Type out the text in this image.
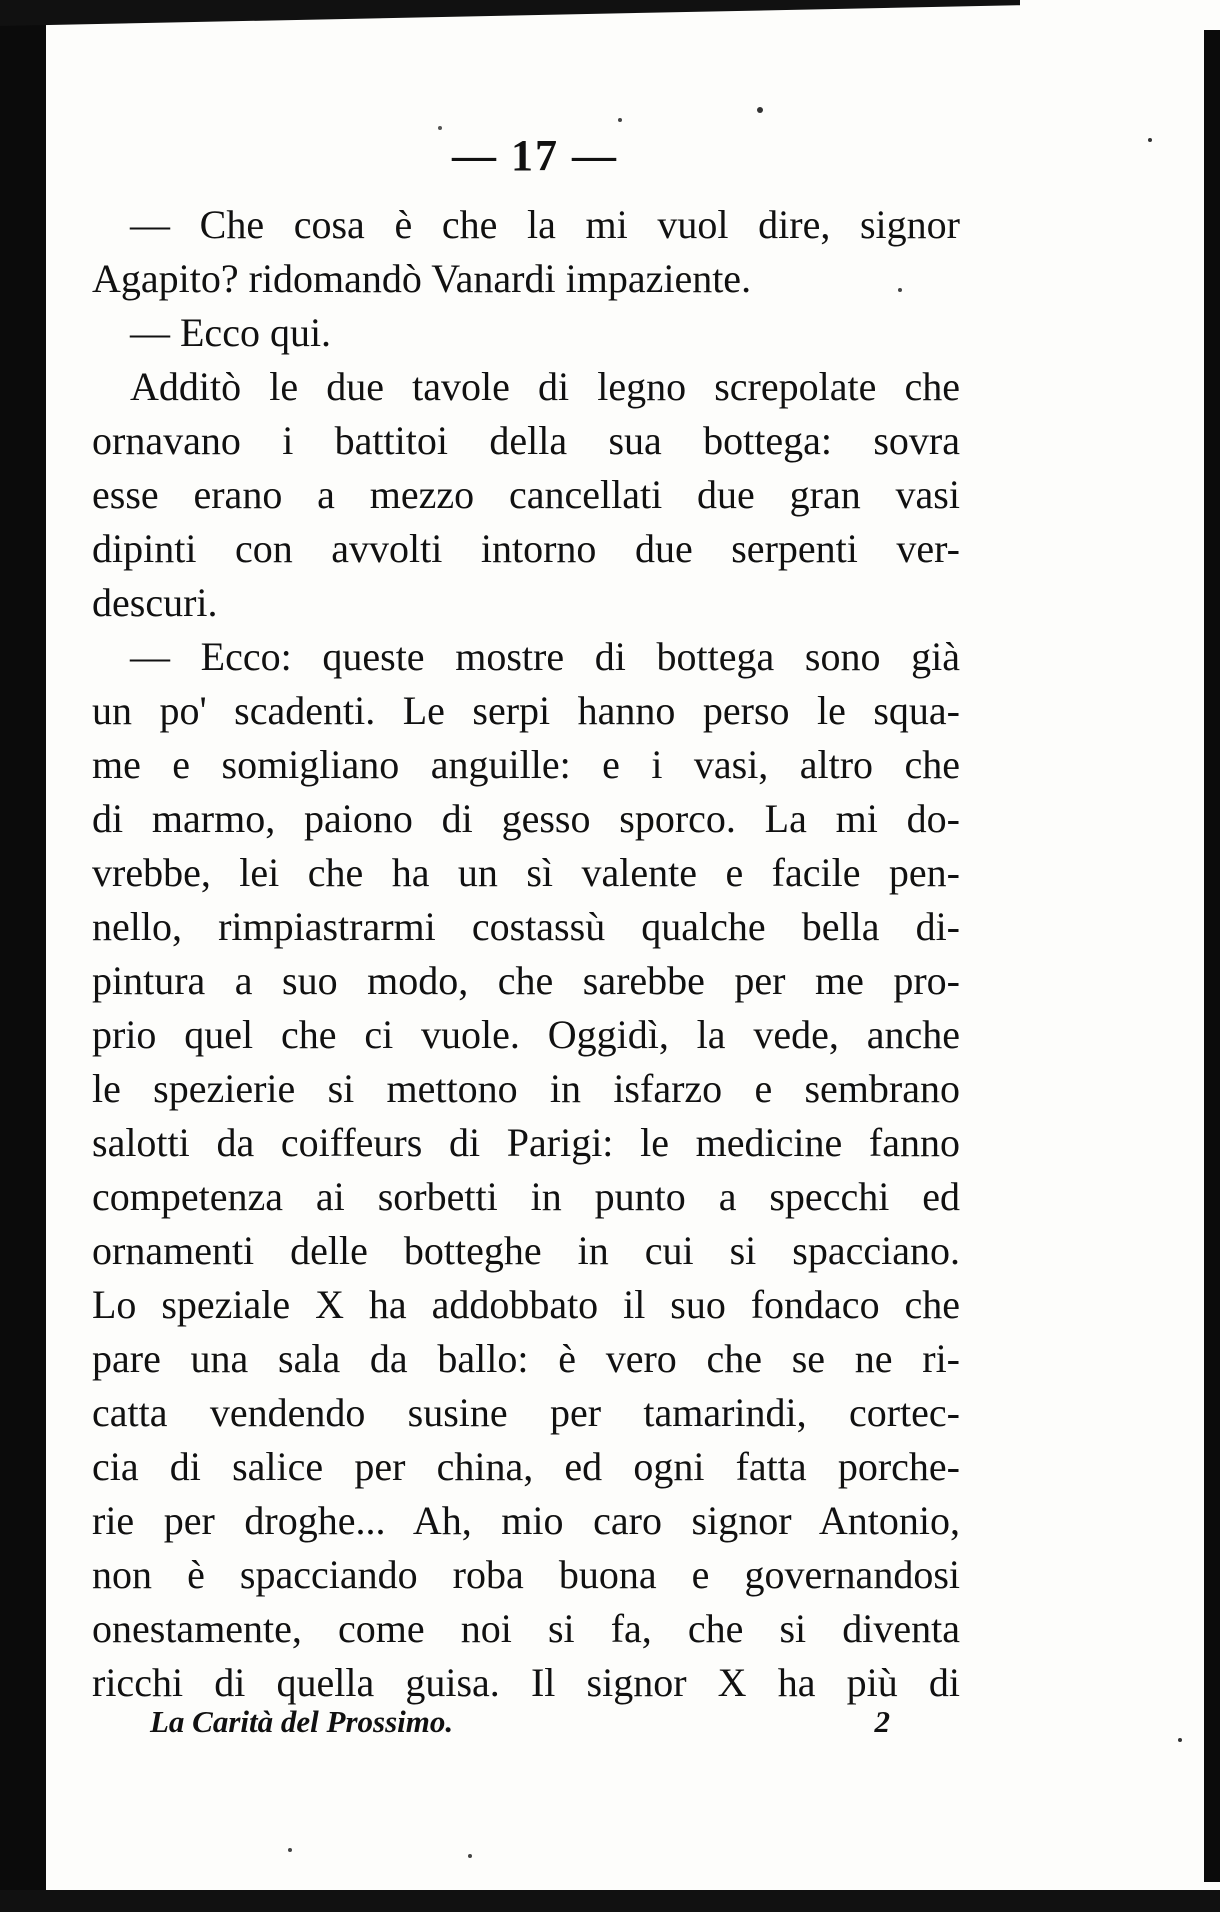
— 17 —
— Che cosa è che la mi vuol dire, signor
Agapito? ridomandò Vanardi impaziente.
— Ecco qui.
Additò le due tavole di legno screpolate che
ornavano i battitoi della sua bottega: sovra
esse erano a mezzo cancellati due gran vasi
dipinti con avvolti intorno due serpenti ver-
descuri.
— Ecco: queste mostre di bottega sono già
un po' scadenti. Le serpi hanno perso le squa-
me e somigliano anguille: e i vasi, altro che
di marmo, paiono di gesso sporco. La mi do-
vrebbe, lei che ha un sì valente e facile pen-
nello, rimpiastrarmi costassù qualche bella di-
pintura a suo modo, che sarebbe per me pro-
prio quel che ci vuole. Oggidì, la vede, anche
le spezierie si mettono in isfarzo e sembrano
salotti da coiffeurs di Parigi: le medicine fanno
competenza ai sorbetti in punto a specchi ed
ornamenti delle botteghe in cui si spacciano.
Lo speziale X ha addobbato il suo fondaco che
pare una sala da ballo: è vero che se ne ri-
catta vendendo susine per tamarindi, cortec-
cia di salice per china, ed ogni fatta porche-
rie per droghe... Ah, mio caro signor Antonio,
non è spacciando roba buona e governandosi
onestamente, come noi si fa, che si diventa
ricchi di quella guisa. Il signor X ha più di
La Carità del Prossimo.	2
